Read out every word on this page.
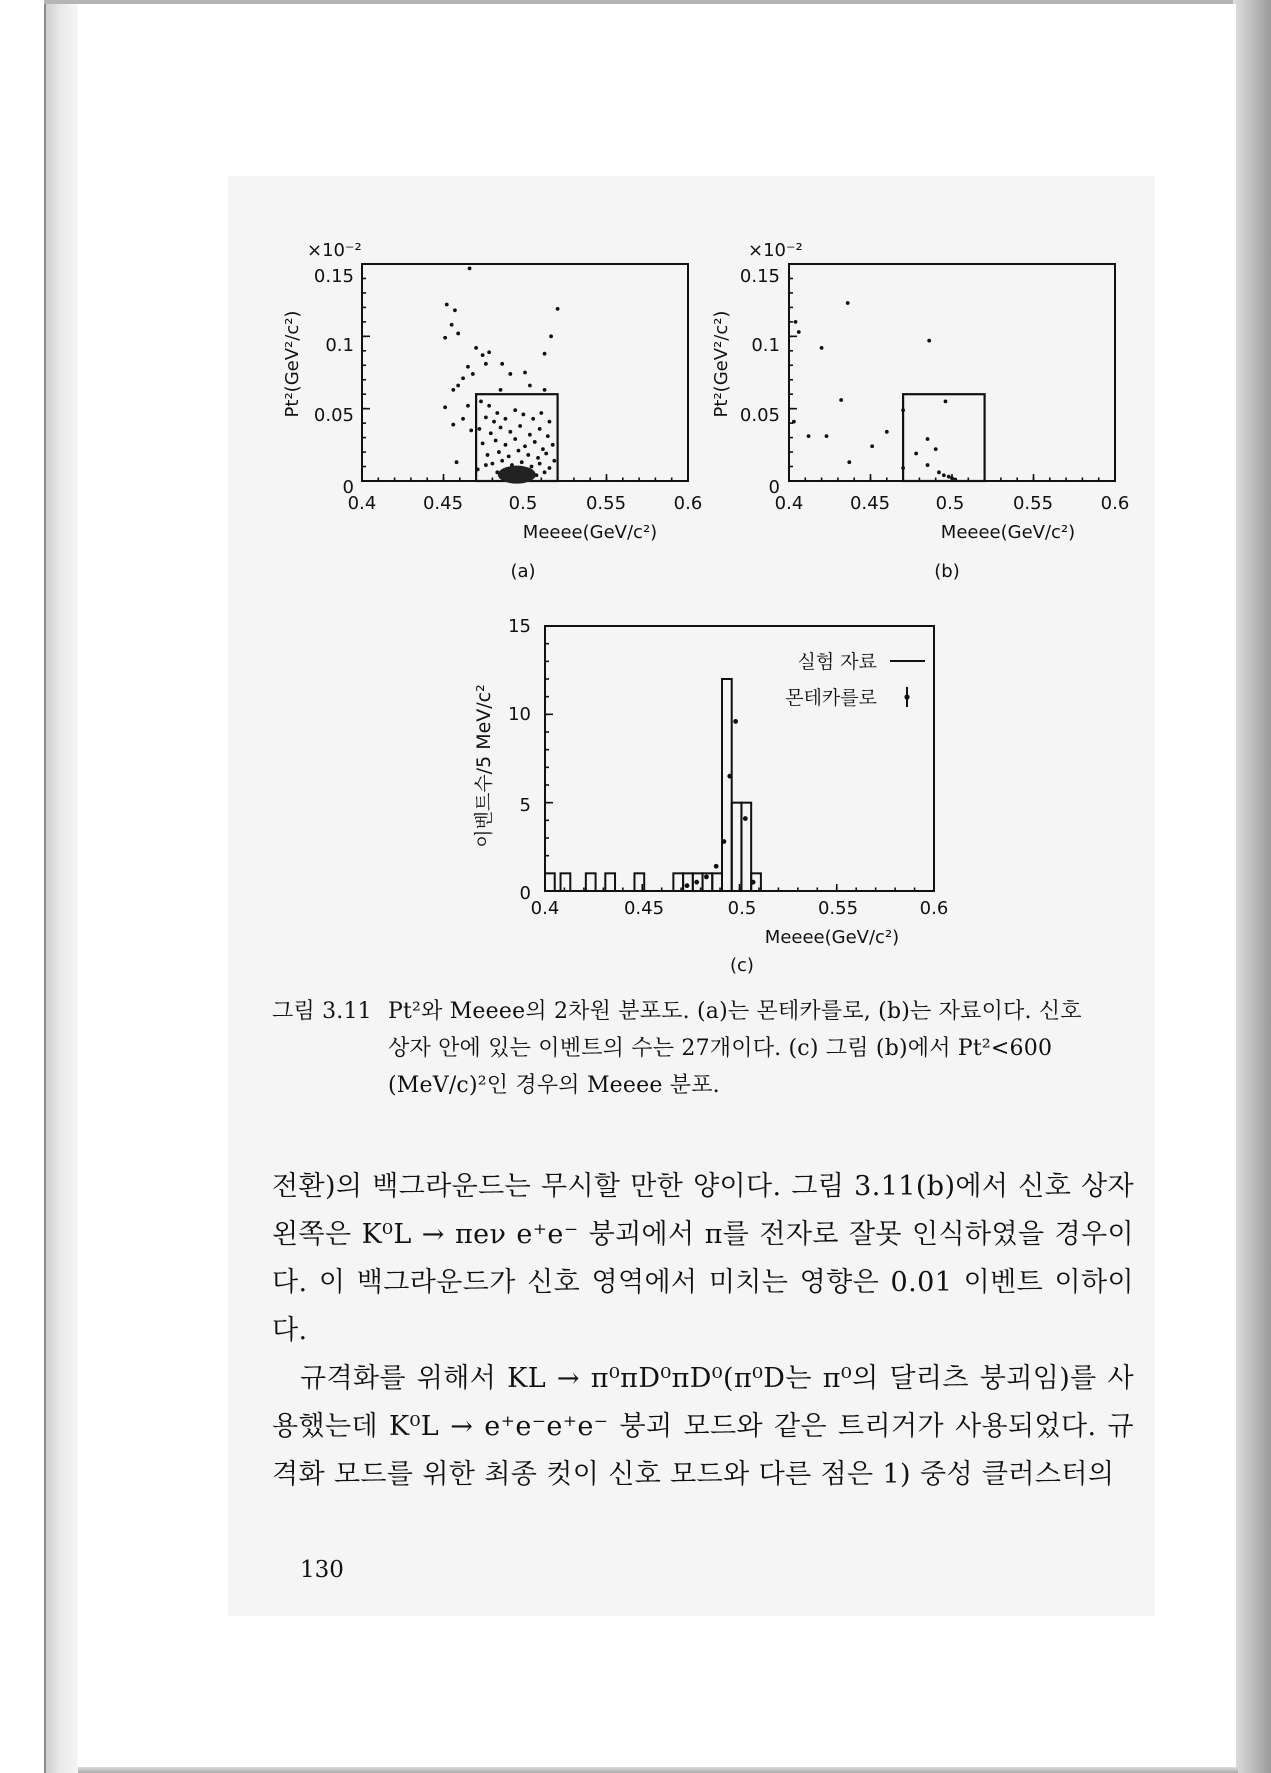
×10⁻²
Pt²(GeV²/c²)
0
0.05
0.1
0.15
0.4	0.45	0.5	0.55	0.6
Meeee(GeV/c²)
(a)
×10⁻²
Pt²(GeV²/c²)
0
0.05
0.1
0.15
0.4	0.45	0.5	0.55	0.6
Meeee(GeV/c²)
(b)
이벤트수/5 MeV/c²
0
5
10
15
0.4	0.45	0.5	0.55	0.6
Meeee(GeV/c²)
(c)
실험 자료
몬테카를로
그림 3.11 Pt²와 Meeee의 2차원 분포도. (a)는 몬테카를로, (b)는 자료이다. 신호
상자 안에 있는 이벤트의 수는 27개이다. (c) 그림 (b)에서 Pt²<600
(MeV/c)²인 경우의 Meeee 분포.

전환)의 백그라운드는 무시할 만한 양이다. 그림 3.11(b)에서 신호 상자 왼쪽은 K⁰L → πeν e⁺e⁻ 붕괴에서 π를 전자로 잘못 인식하였을 경우이다. 이 백그라운드가 신호 영역에서 미치는 영향은 0.01 이벤트 이하이다.

규격화를 위해서 KL → π⁰πD⁰πD⁰(π⁰D는 π⁰의 달리츠 붕괴임)를 사용했는데 K⁰L → e⁺e⁻e⁺e⁻ 붕괴 모드와 같은 트리거가 사용되었다. 규격화 모드를 위한 최종 컷이 신호 모드와 다른 점은 1) 중성 클러스터의

130
